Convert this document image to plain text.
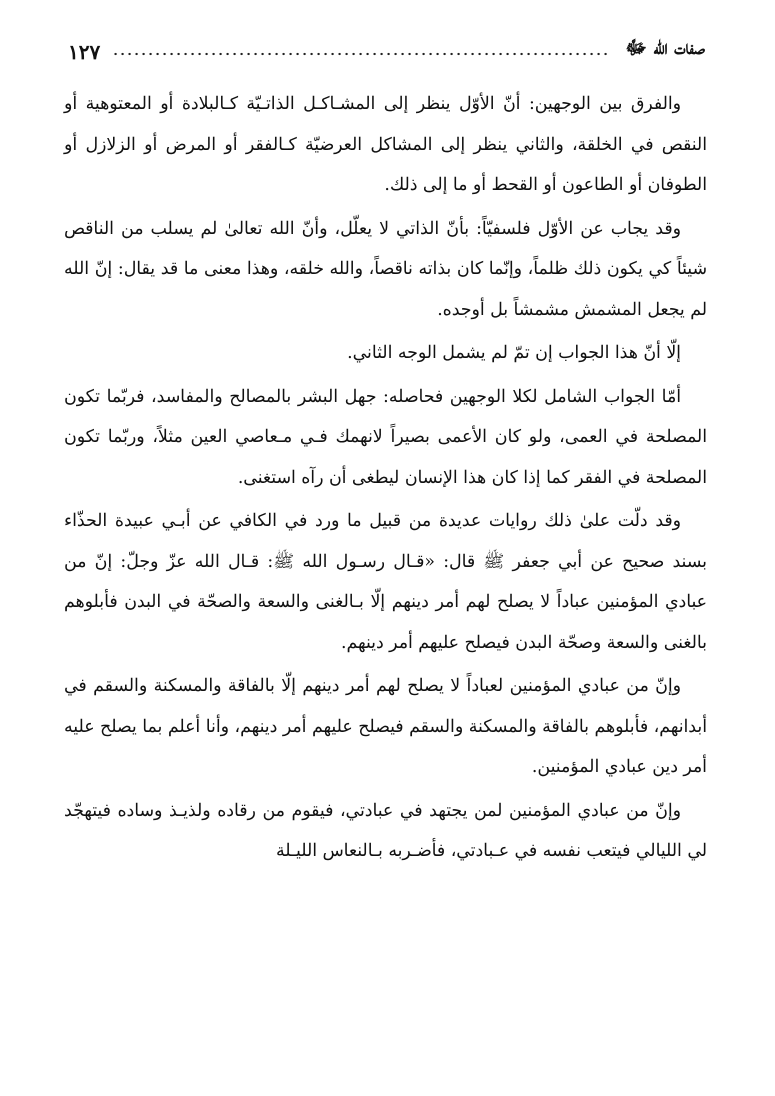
صفات الله ﷻ
١٢٧

والفرق بين الوجهين: أنّ الأوّل ينظر إلى المشـاكـل الذاتـيّة كـالبلادة أو المعتوهية أو النقص في الخلقة، والثاني ينظر إلى المشاكل العرضيّة كـالفقر أو المرض أو الزلازل أو الطوفان أو الطاعون أو القحط أو ما إلى ذلك.

وقد يجاب عن الأوّل فلسفيّاً: بأنّ الذاتي لا يعلّل، وأنّ الله تعالىٰ لم يسلب من الناقص شيئاً كي يكون ذلك ظلماً، وإنّما كان بذاته ناقصاً، والله خلقه، وهذا معنى ما قد يقال: إنّ الله لم يجعل المشمش مشمشاً بل أوجده.

إلّا أنّ هذا الجواب إن تمّ لم يشمل الوجه الثاني.

أمّا الجواب الشامل لكلا الوجهين فحاصله: جهل البشر بالمصالح والمفاسد، فربّما تكون المصلحة في العمى، ولو كان الأعمى بصيراً لانهمك فـي مـعاصي العين مثلاً، وربّما تكون المصلحة في الفقر كما إذا كان هذا الإنسان ليطغى أن رآه استغنى.

وقد دلّت علىٰ ذلك روايات عديدة من قبيل ما ورد في الكافي عن أبـي عبيدة الحذّاء بسند صحيح عن أبي جعفر ﷺ قال: «قـال رسـول الله ﷺ: قـال الله عزّ وجلّ: إنّ من عبادي المؤمنين عباداً لا يصلح لهم أمر دينهم إلّا بـالغنى والسعة والصحّة في البدن فأبلوهم بالغنى والسعة وصحّة البدن فيصلح عليهم أمر دينهم.

وإنّ من عبادي المؤمنين لعباداً لا يصلح لهم أمر دينهم إلّا بالفاقة والمسكنة والسقم في أبدانهم، فأبلوهم بالفاقة والمسكنة والسقم فيصلح عليهم أمر دينهم، وأنا أعلم بما يصلح عليه أمر دين عبادي المؤمنين.

وإنّ من عبادي المؤمنين لمن يجتهد في عبادتي، فيقوم من رقاده ولذيـذ وساده فيتهجّد لي الليالي فيتعب نفسه في عـبادتي، فأضـربه بـالنعاس الليـلة
